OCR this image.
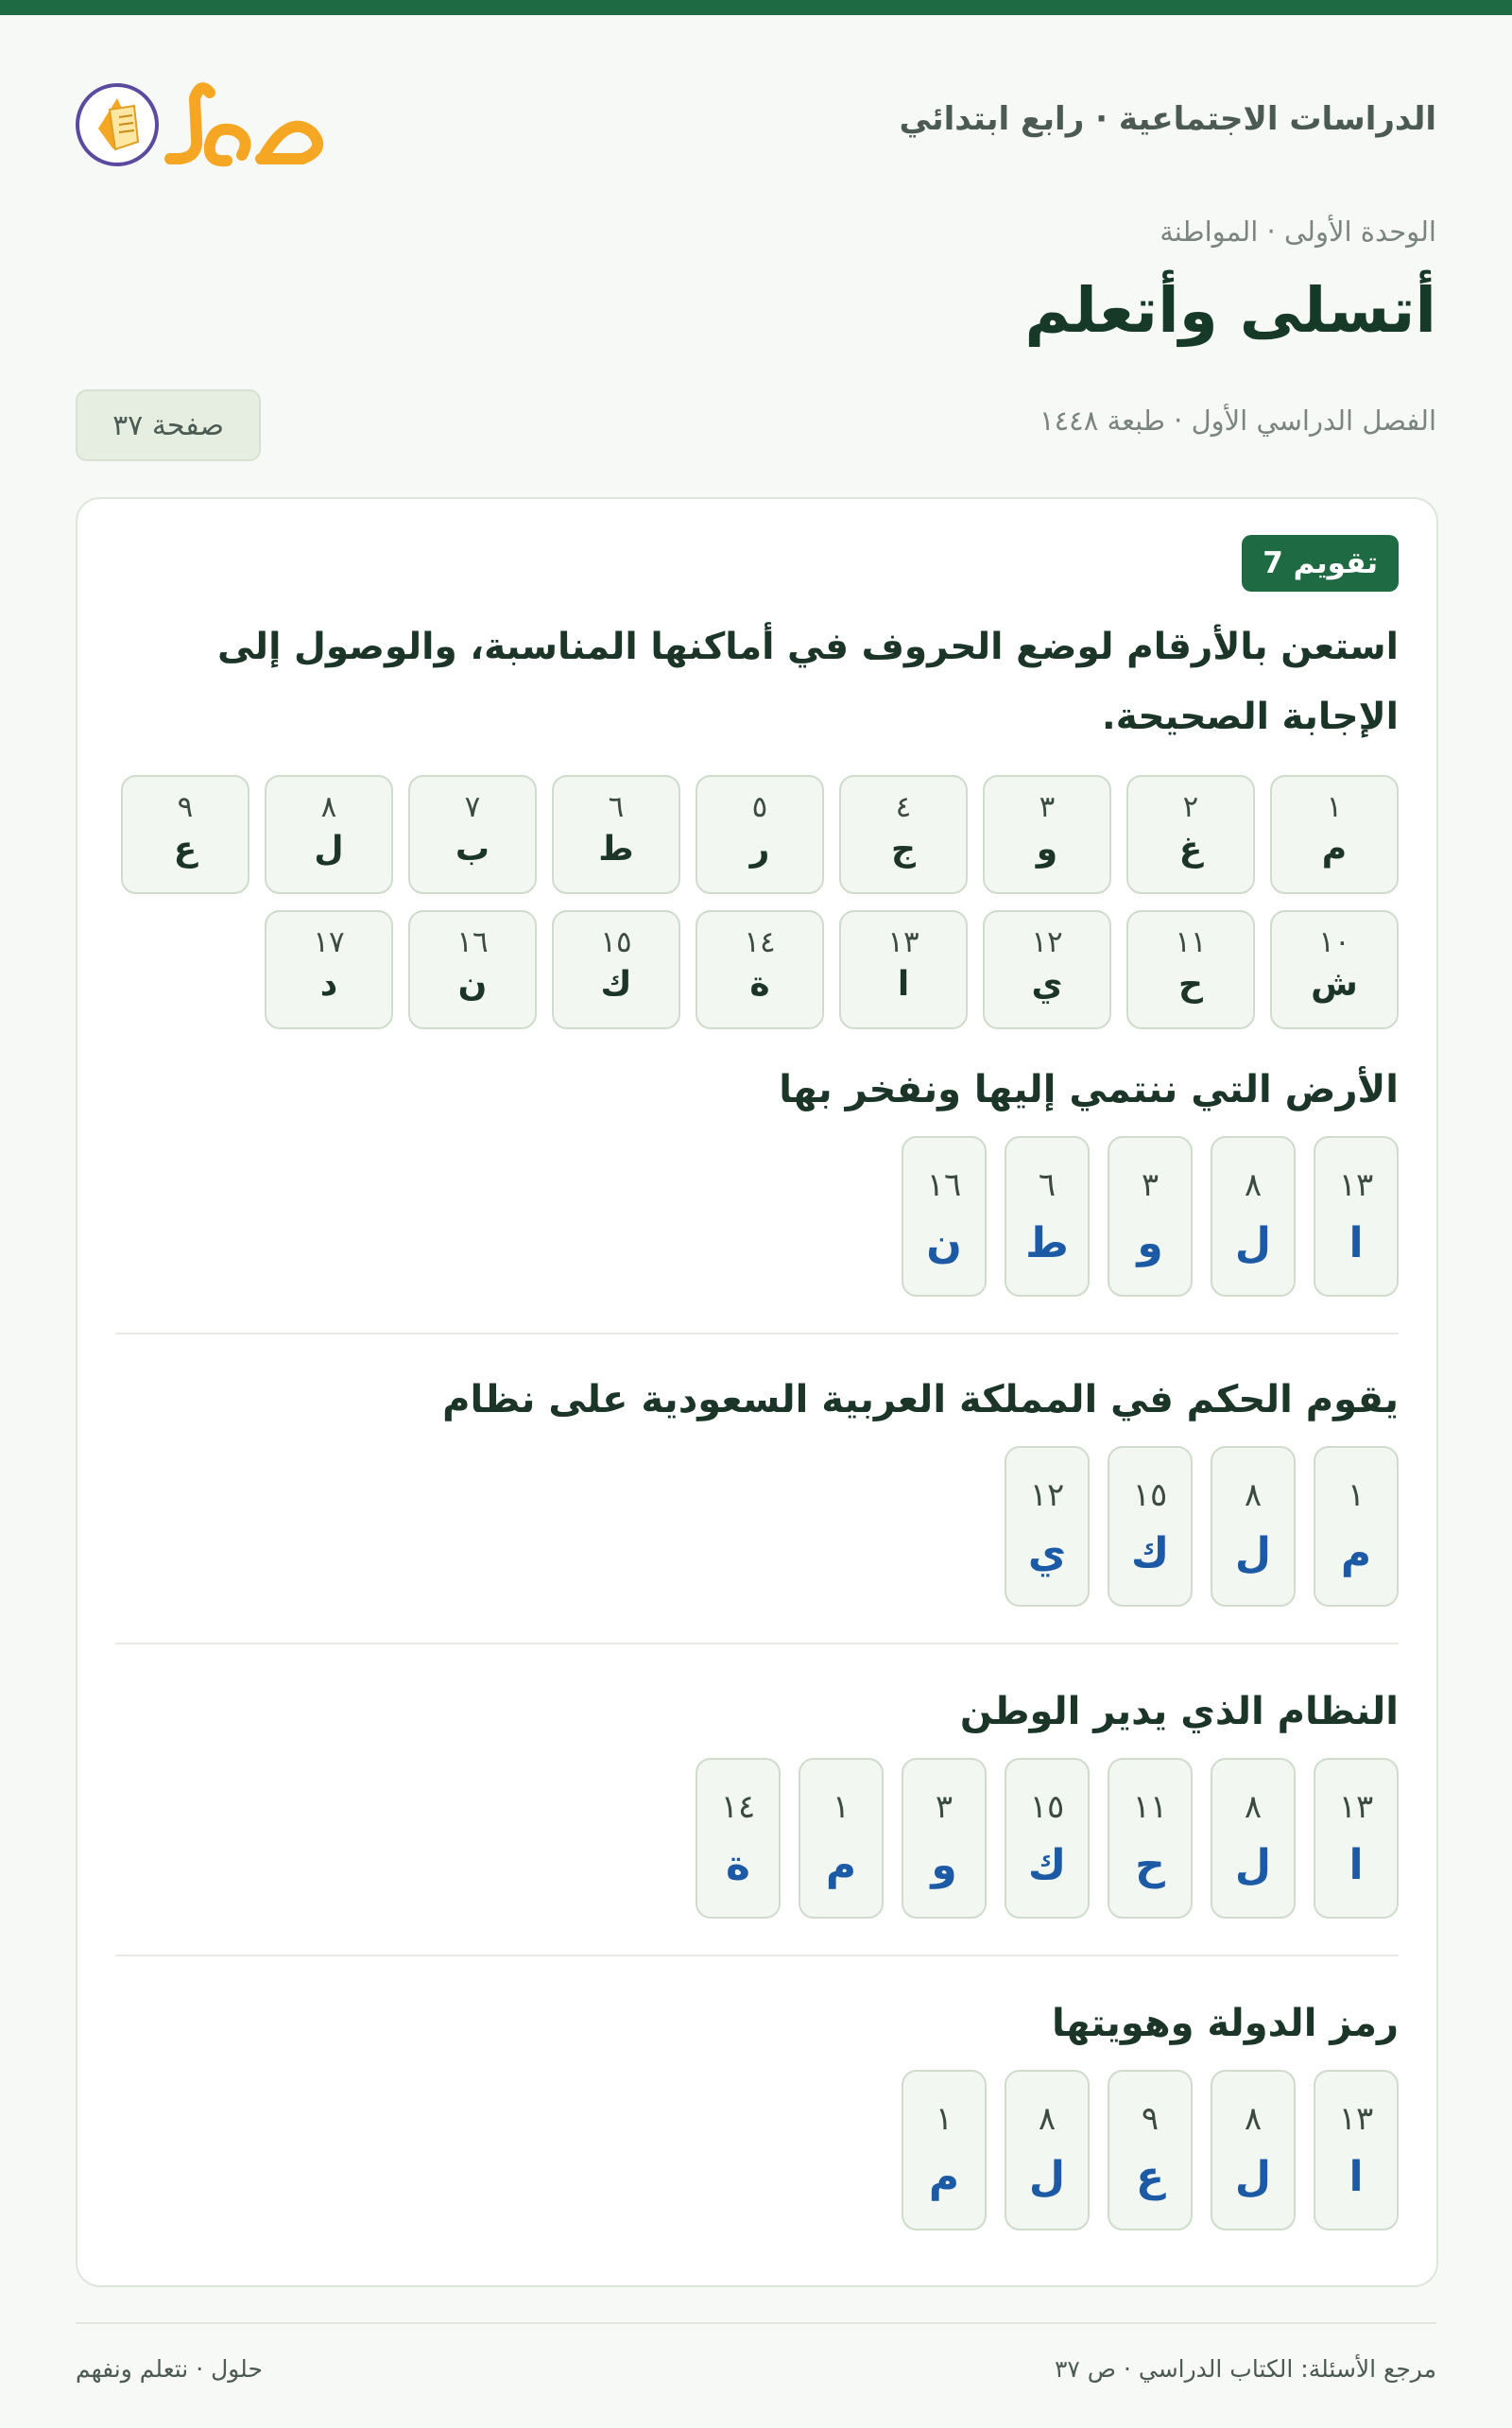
الدراسات الاجتماعية · رابع ابتدائي
الوحدة الأولى · المواطنة
أتسلى وأتعلم
الفصل الدراسي الأول · طبعة ١٤٤٨
صفحة ٣٧
تقويم 7

استعن بالأرقام لوضع الحروف في أماكنها المناسبة، والوصول إلى الإجابة الصحيحة.

١
م
٢
غ
٣
و
٤
ج
٥
ر
٦
ط
٧
ب
٨
ل
٩
ع
١٠
ش
١١
ح
١٢
ي
١٣
ا
١٤
ة
١٥
ك
١٦
ن
١٧
د

الأرض التي ننتمي إليها ونفخر بها

١٣
ا
٨
ل
٣
و
٦
ط
١٦
ن

يقوم الحكم في المملكة العربية السعودية على نظام

١
م
٨
ل
١٥
ك
١٢
ي

النظام الذي يدير الوطن

١٣
ا
٨
ل
١١
ح
١٥
ك
٣
و
١
م
١٤
ة

رمز الدولة وهويتها

١٣
ا
٨
ل
٩
ع
٨
ل
١
م
مرجع الأسئلة: الكتاب الدراسي · ص ٣٧
حلول · نتعلم ونفهم
